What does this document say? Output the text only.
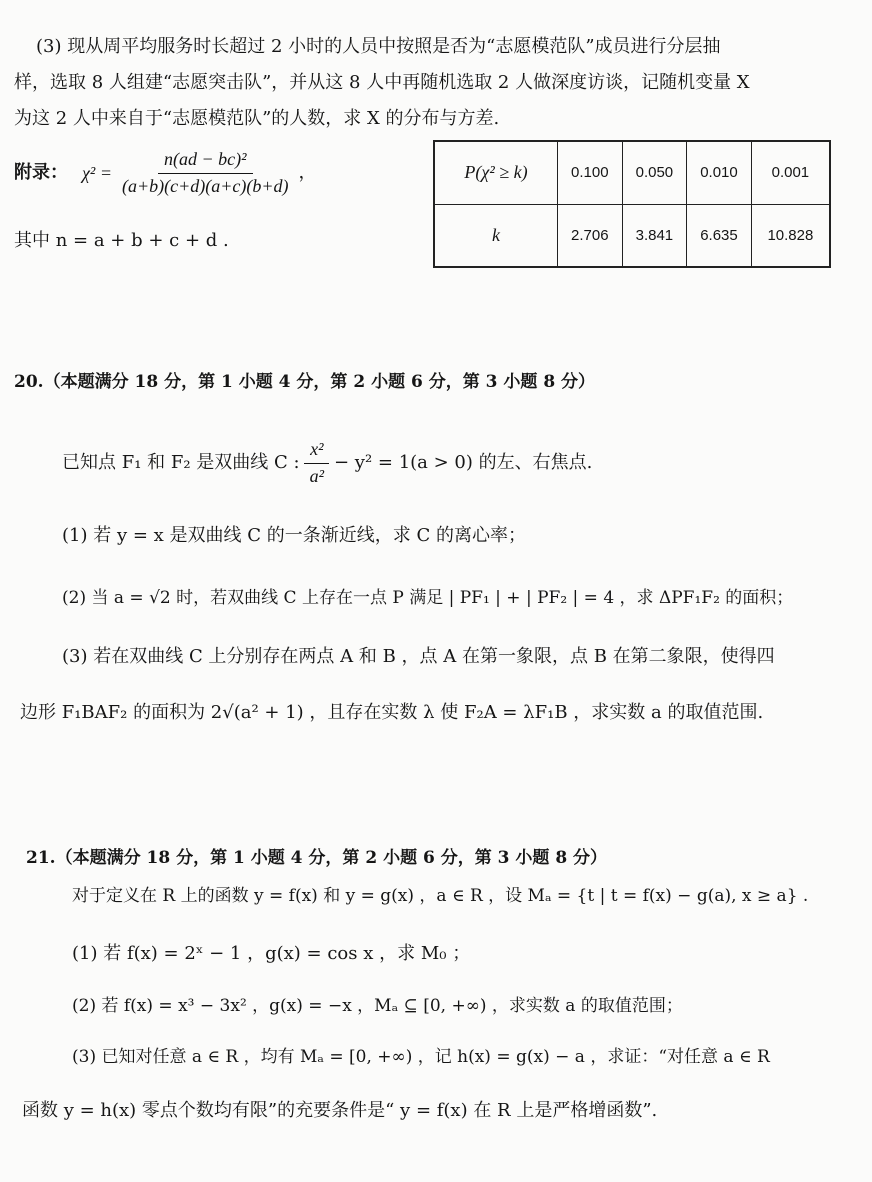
(3) 现从周平均服务时长超过 2 小时的人员中按照是否为“志愿模范队”成员进行分层抽
样，选取 8 人组建“志愿突击队”，并从这 8 人中再随机选取 2 人做深度访谈，记随机变量 X
为这 2 人中来自于“志愿模范队”的人数，求 X 的分布与方差.
附录： $\chi^2 = \frac{\text{n(ad − bc)²}}{(a+b)(c+d)(a+c)(b+d)}$ ，
其中 n = a + b + c + d .
P(χ² ≥ k)	0.100	0.050	0.010	0.001
k	2.706	3.841	6.635	10.828
20.（本题满分 18 分，第 1 小题 4 分，第 2 小题 6 分，第 3 小题 8 分）
已知点 F₁ 和 F₂ 是双曲线 C : $\frac{\text{x²}}{\text{a²}} - y^2 = 1(a > 0)$ 的左、右焦点.
(1) 若 y = x 是双曲线 C 的一条渐近线，求 C 的离心率；
(2) 当 a = √2 时，若双曲线 C 上存在一点 P 满足 | PF₁ | + | PF₂ | = 4 ，求 ΔPF₁F₂ 的面积；
(3) 若在双曲线 C 上分别存在两点 A 和 B ，点 A 在第一象限，点 B 在第二象限，使得四
边形 F₁BAF₂ 的面积为 2√(a² + 1) ，且存在实数 λ 使 F₂A = λF₁B ，求实数 a 的取值范围.
21.（本题满分 18 分，第 1 小题 4 分，第 2 小题 6 分，第 3 小题 8 分）
对于定义在 R 上的函数 y = f(x) 和 y = g(x) ，a ∈ R ，设 Mₐ = {t | t = f(x) − g(a), x ≥ a} .
(1) 若 f(x) = 2ˣ − 1 ，g(x) = cos x ，求 M₀ ；
(2) 若 f(x) = x³ − 3x² ，g(x) = −x ，Mₐ ⊆ [0, +∞) ，求实数 a 的取值范围；
(3) 已知对任意 a ∈ R ，均有 Mₐ = [0, +∞) ，记 h(x) = g(x) − a ，求证：“对任意 a ∈ R
函数 y = h(x) 零点个数均有限”的充要条件是“ y = f(x) 在 R 上是严格增函数”.
